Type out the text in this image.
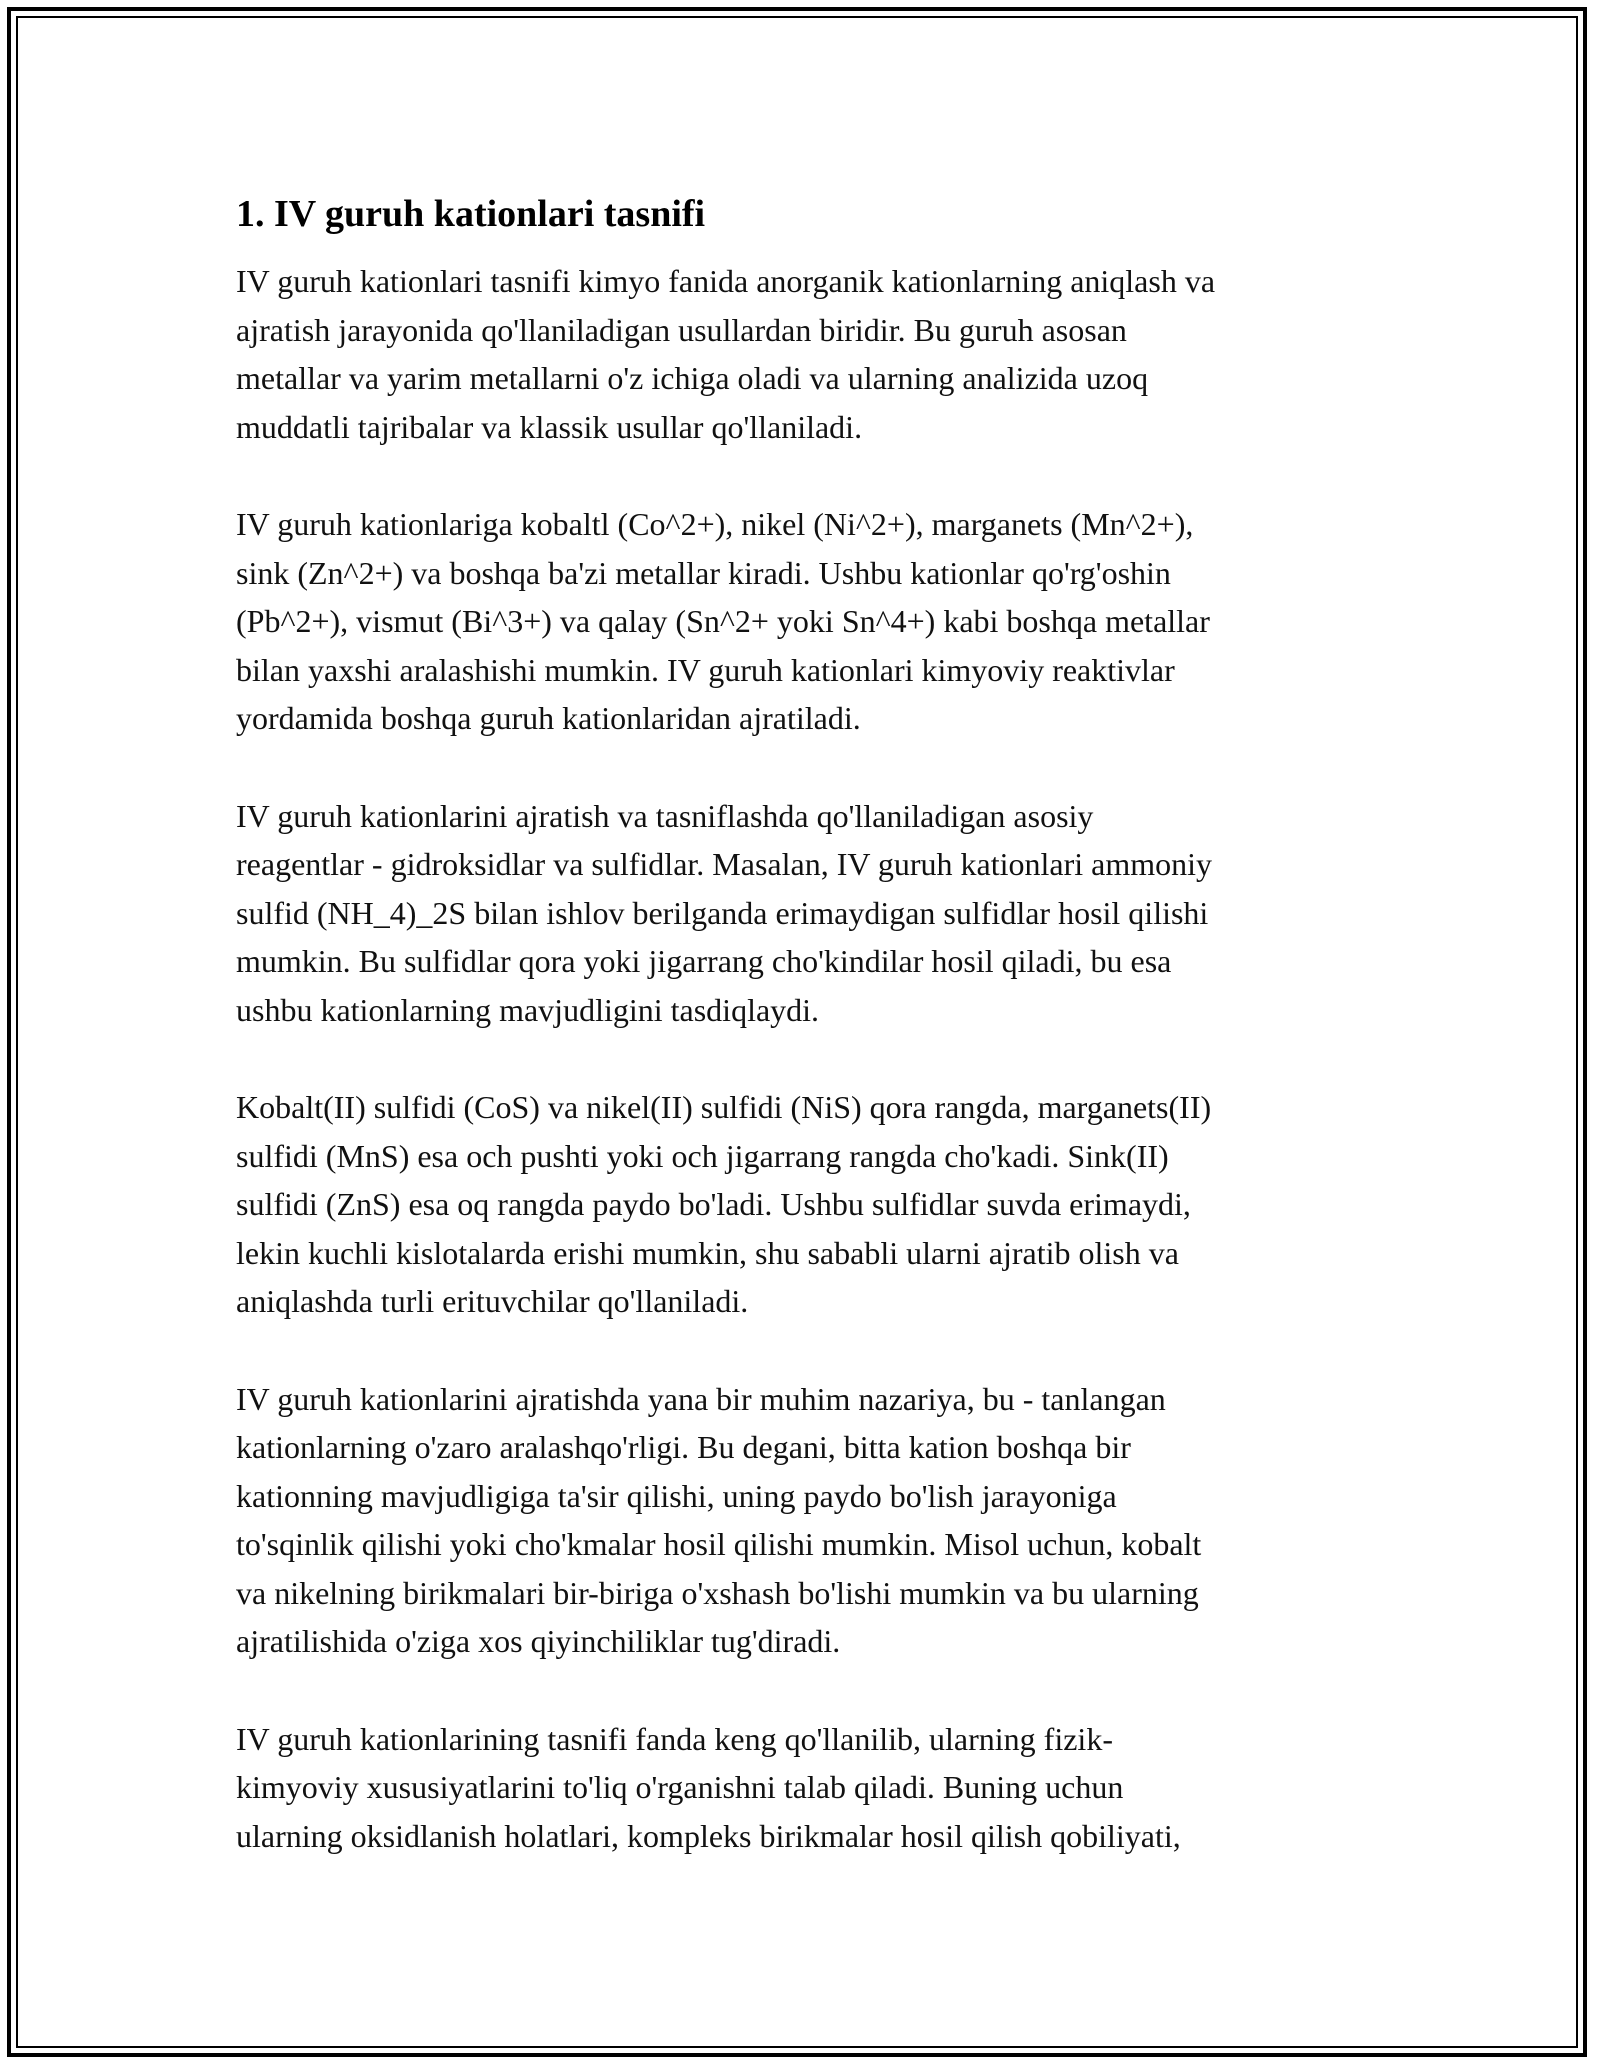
1. IV guruh kationlari tasnifi

IV guruh kationlari tasnifi kimyo fanida anorganik kationlarning aniqlash va
ajratish jarayonida qo'llaniladigan usullardan biridir. Bu guruh asosan
metallar va yarim metallarni o'z ichiga oladi va ularning analizida uzoq
muddatli tajribalar va klassik usullar qo'llaniladi.

IV guruh kationlariga kobaltl (Co^2+), nikel (Ni^2+), marganets (Mn^2+),
sink (Zn^2+) va boshqa ba'zi metallar kiradi. Ushbu kationlar qo'rg'oshin
(Pb^2+), vismut (Bi^3+) va qalay (Sn^2+ yoki Sn^4+) kabi boshqa metallar
bilan yaxshi aralashishi mumkin. IV guruh kationlari kimyoviy reaktivlar
yordamida boshqa guruh kationlaridan ajratiladi.

IV guruh kationlarini ajratish va tasniflashda qo'llaniladigan asosiy
reagentlar - gidroksidlar va sulfidlar. Masalan, IV guruh kationlari ammoniy
sulfid (NH_4)_2S bilan ishlov berilganda erimaydigan sulfidlar hosil qilishi
mumkin. Bu sulfidlar qora yoki jigarrang cho'kindilar hosil qiladi, bu esa
ushbu kationlarning mavjudligini tasdiqlaydi.

Kobalt(II) sulfidi (CoS) va nikel(II) sulfidi (NiS) qora rangda, marganets(II)
sulfidi (MnS) esa och pushti yoki och jigarrang rangda cho'kadi. Sink(II)
sulfidi (ZnS) esa oq rangda paydo bo'ladi. Ushbu sulfidlar suvda erimaydi,
lekin kuchli kislotalarda erishi mumkin, shu sababli ularni ajratib olish va
aniqlashda turli erituvchilar qo'llaniladi.

IV guruh kationlarini ajratishda yana bir muhim nazariya, bu - tanlangan
kationlarning o'zaro aralashqo'rligi. Bu degani, bitta kation boshqa bir
kationning mavjudligiga ta'sir qilishi, uning paydo bo'lish jarayoniga
to'sqinlik qilishi yoki cho'kmalar hosil qilishi mumkin. Misol uchun, kobalt
va nikelning birikmalari bir-biriga o'xshash bo'lishi mumkin va bu ularning
ajratilishida o'ziga xos qiyinchiliklar tug'diradi.

IV guruh kationlarining tasnifi fanda keng qo'llanilib, ularning fizik-
kimyoviy xususiyatlarini to'liq o'rganishni talab qiladi. Buning uchun
ularning oksidlanish holatlari, kompleks birikmalar hosil qilish qobiliyati,
